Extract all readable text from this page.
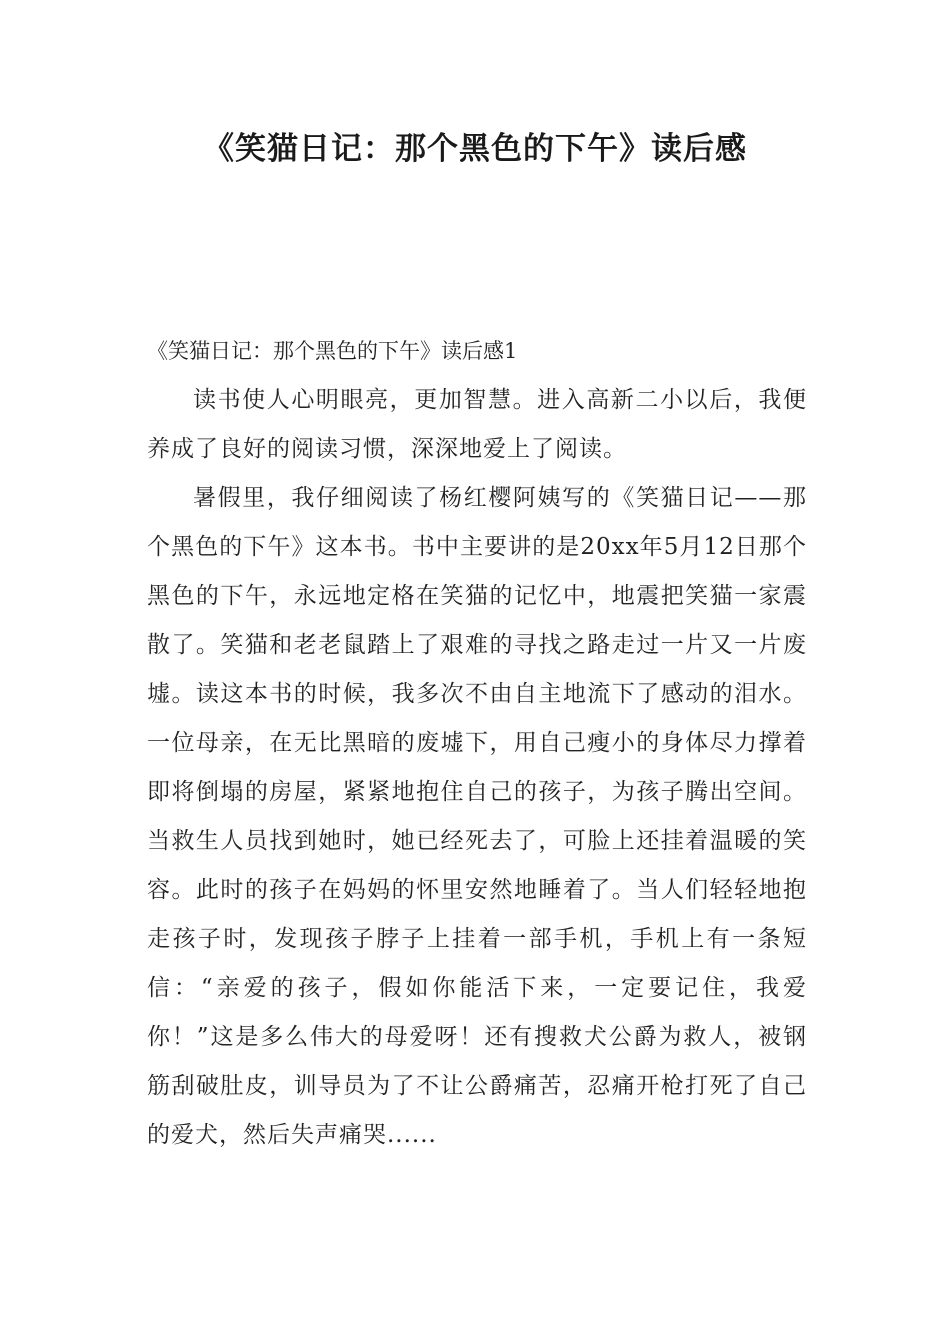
《笑猫日记：那个黑色的下午》读后感

《笑猫日记：那个黑色的下午》读后感1

读书使人心明眼亮，更加智慧。进入高新二小以后，我便养成了良好的阅读习惯，深深地爱上了阅读。

暑假里，我仔细阅读了杨红樱阿姨写的《笑猫日记——那个黑色的下午》这本书。书中主要讲的是20xx年5月12日那个黑色的下午，永远地定格在笑猫的记忆中，地震把笑猫一家震散了。笑猫和老老鼠踏上了艰难的寻找之路走过一片又一片废墟。读这本书的时候，我多次不由自主地流下了感动的泪水。一位母亲，在无比黑暗的废墟下，用自己瘦小的身体尽力撑着即将倒塌的房屋，紧紧地抱住自己的孩子，为孩子腾出空间。当救生人员找到她时，她已经死去了，可脸上还挂着温暖的笑容。此时的孩子在妈妈的怀里安然地睡着了。当人们轻轻地抱走孩子时，发现孩子脖子上挂着一部手机，手机上有一条短信：“亲爱的孩子，假如你能活下来，一定要记住，我爱你！”这是多么伟大的母爱呀！还有搜救犬公爵为救人，被钢筋刮破肚皮，训导员为了不让公爵痛苦，忍痛开枪打死了自己的爱犬，然后失声痛哭......
